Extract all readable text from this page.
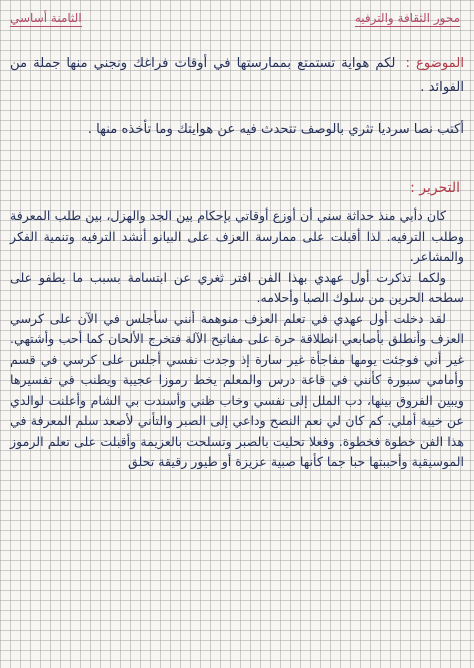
محور الثقافة والترفيه
الثامنة أساسي
الموضوع : لكم هواية تستمتع بممارستها في أوقات فراغك ونجني منها جملة من الفوائد .
أكتب نصا سرديا تثري بالوصف تتحدث فيه عن هوايتك وما تأخذه منها .
التحرير :

كان دأبي منذ حداثة سني أن أوزع أوقاتي بإحكام بين الجد والهزل، بين طلب المعرفة وطلب الترفيه. لذا أقبلت على ممارسة العزف على البيانو أنشد الترفيه وتنمية الفكر والمشاعر.

ولكما تذكرت أول عهدي بهذا الفن افتر ثغري عن ابتسامة بسبب ما يطفو على سطحه الحرين من سلوك الصبا وأحلامه.

لقد دخلت أول عهدي في تعلم العزف منوهمة أنني سأجلس في الآن على كرسي العزف وأنطلق بأصابعي انطلاقة حرة على مفاتيح الآلة فتخرج الألحان كما أحب وأشتهي. غير أني فوجئت يومها مفاجأة غير سارة إذ وجدت نفسي أجلس على كرسي في قسم وأمامي سبورة كأنني في قاعة درس والمعلم يخط رموزا عجيبة ويطنب في تفسيرها ويبين الفروق بينها، دب الملل إلى نفسي وخاب ظني وأسندت بي الشام وأعلنت لوالدي عن خيبة أملي. كم كان لي نعم النصح وداعي إلى الصبر والتأني لأصعد سلم المعرفة في هذا الفن خطوة فخطوة. وفعلا تحليت بالصبر وتسلحت بالعزيمة وأقبلت على تعلم الرموز الموسيقية وأحببتها حبا جما كأنها صبية عزيزة أو طيور رقيقة تحلق
